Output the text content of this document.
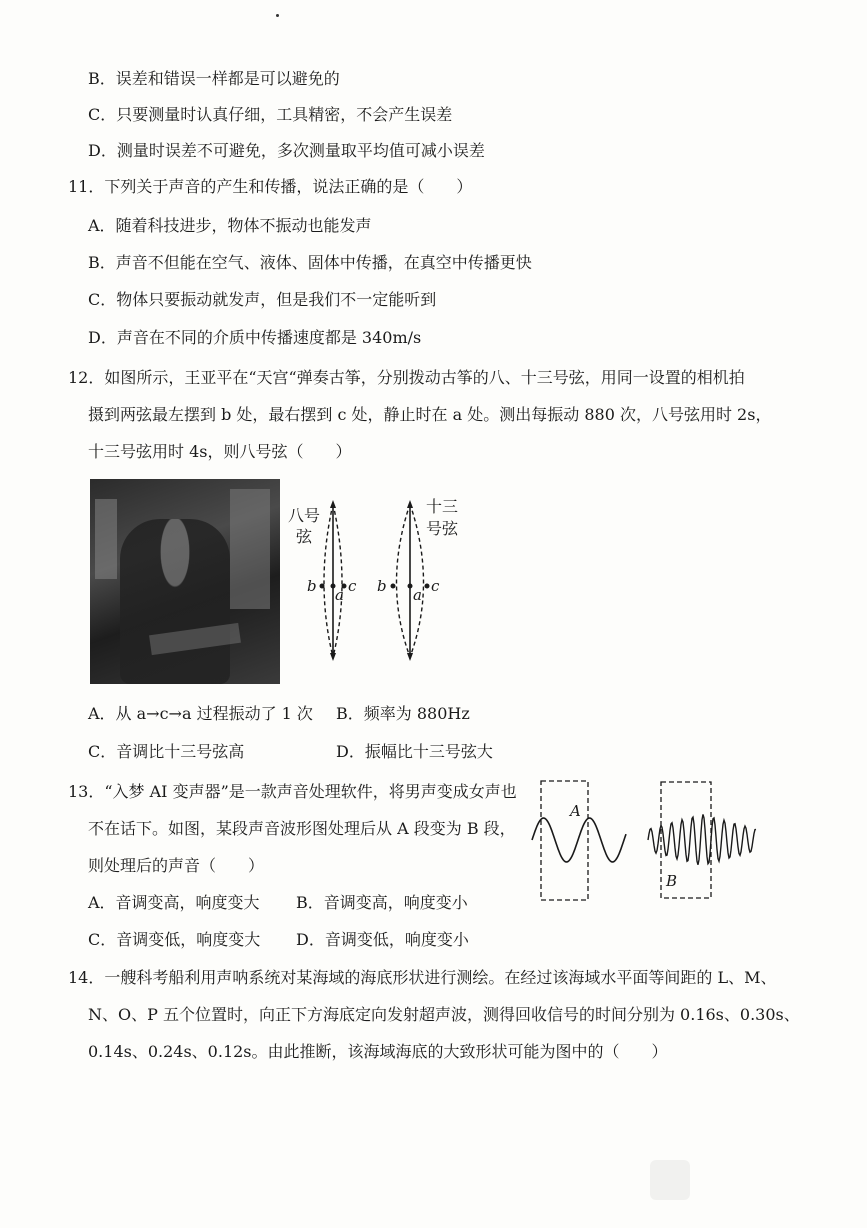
B．误差和错误一样都是可以避免的
C．只要测量时认真仔细，工具精密，不会产生误差
D．测量时误差不可避免，多次测量取平均值可减小误差
11．下列关于声音的产生和传播，说法正确的是（　　）
A．随着科技进步，物体不振动也能发声
B．声音不但能在空气、液体、固体中传播，在真空中传播更快
C．物体只要振动就发声，但是我们不一定能听到
D．声音在不同的介质中传播速度都是 340m/s
12．如图所示，王亚平在“天宫“弹奏古筝，分别拨动古筝的八、十三号弦，用同一设置的相机拍
摄到两弦最左摆到 b 处，最右摆到 c 处，静止时在 a 处。测出每振动 880 次，八号弦用时 2s，
十三号弦用时 4s，则八号弦（　　）
八号
弦
b a c b a c
十三
号弦
A．从 a→c→a 过程振动了 1 次 B．频率为 880Hz
C．音调比十三号弦高	D．振幅比十三号弦大
13．“入梦 AI 变声器”是一款声音处理软件，将男声变成女声也
不在话下。如图，某段声音波形图处理后从 A 段变为 B 段，
则处理后的声音（　　）
A
B
A．音调变高，响度变大 B．音调变高，响度变小
C．音调变低，响度变大 D．音调变低，响度变小
14．一艘科考船利用声呐系统对某海域的海底形状进行测绘。在经过该海域水平面等间距的 L、M、
N、O、P 五个位置时，向正下方海底定向发射超声波，测得回收信号的时间分别为 0.16s、0.30s、
0.14s、0.24s、0.12s。由此推断，该海域海底的大致形状可能为图中的（　　）
